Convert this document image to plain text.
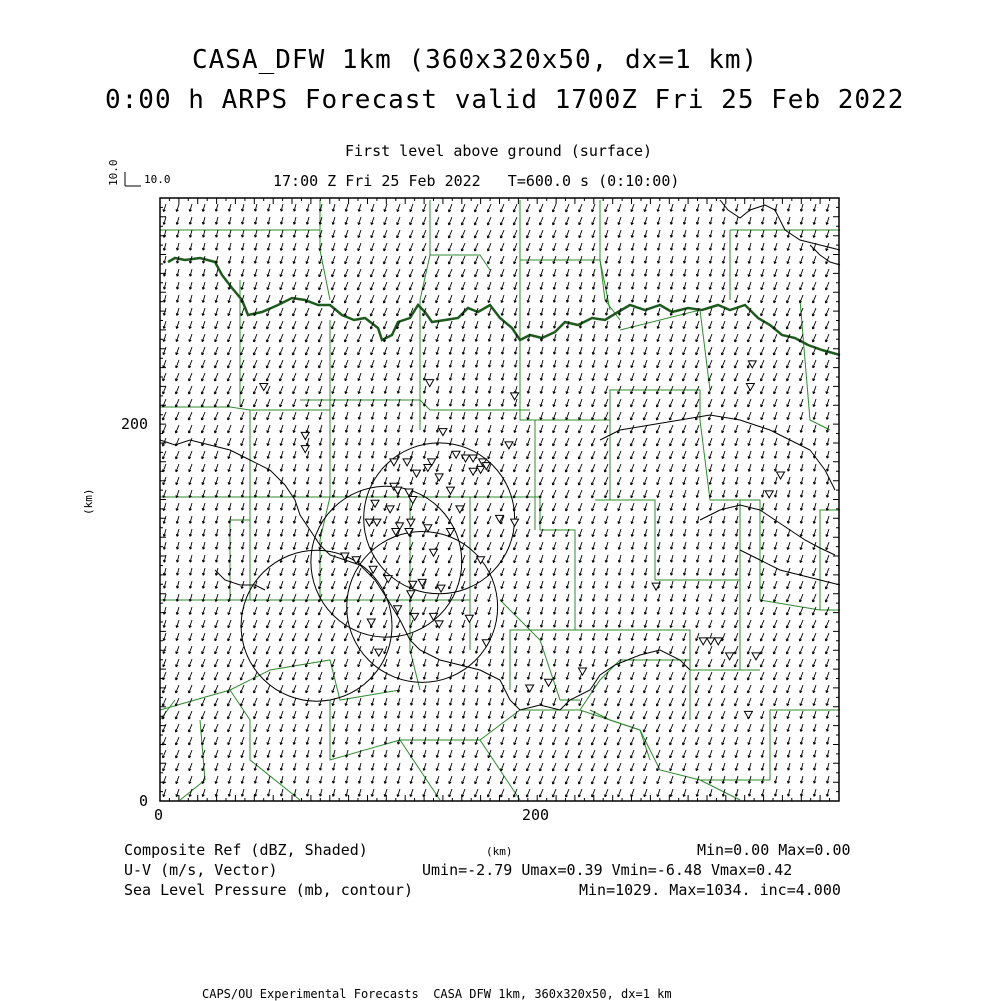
CASA_DFW 1km (360x320x50, dx=1 km)
0:00 h ARPS Forecast valid 1700Z Fri 25 Feb 2022
First level above ground (surface)
17:00 Z Fri 25 Feb 2022   T=600.0 s (0:10:00)
10.0 10.0
(km)
200
0
0	200
(km)
Composite Ref (dBZ, Shaded)	Min=0.00 Max=0.00
U-V (m/s, Vector)	Umin=-2.79 Umax=0.39 Vmin=-6.48 Vmax=0.42
Sea Level Pressure (mb, contour)	Min=1029. Max=1034. inc=4.000
CAPS/OU Experimental Forecasts  CASA DFW 1km, 360x320x50, dx=1 km
